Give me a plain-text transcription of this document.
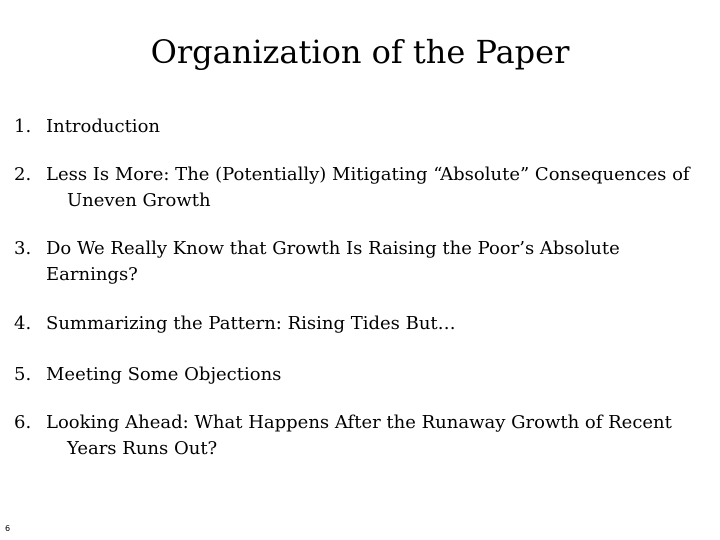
Organization of the Paper
1. Introduction
2. Less Is More: The (Potentially) Mitigating “Absolute” Consequences of
Uneven Growth
3. Do We Really Know that Growth Is Raising the Poor’s Absolute
Earnings?
4. Summarizing the Pattern: Rising Tides But…
5. Meeting Some Objections
6. Looking Ahead: What Happens After the Runaway Growth of Recent
Years Runs Out?
6
